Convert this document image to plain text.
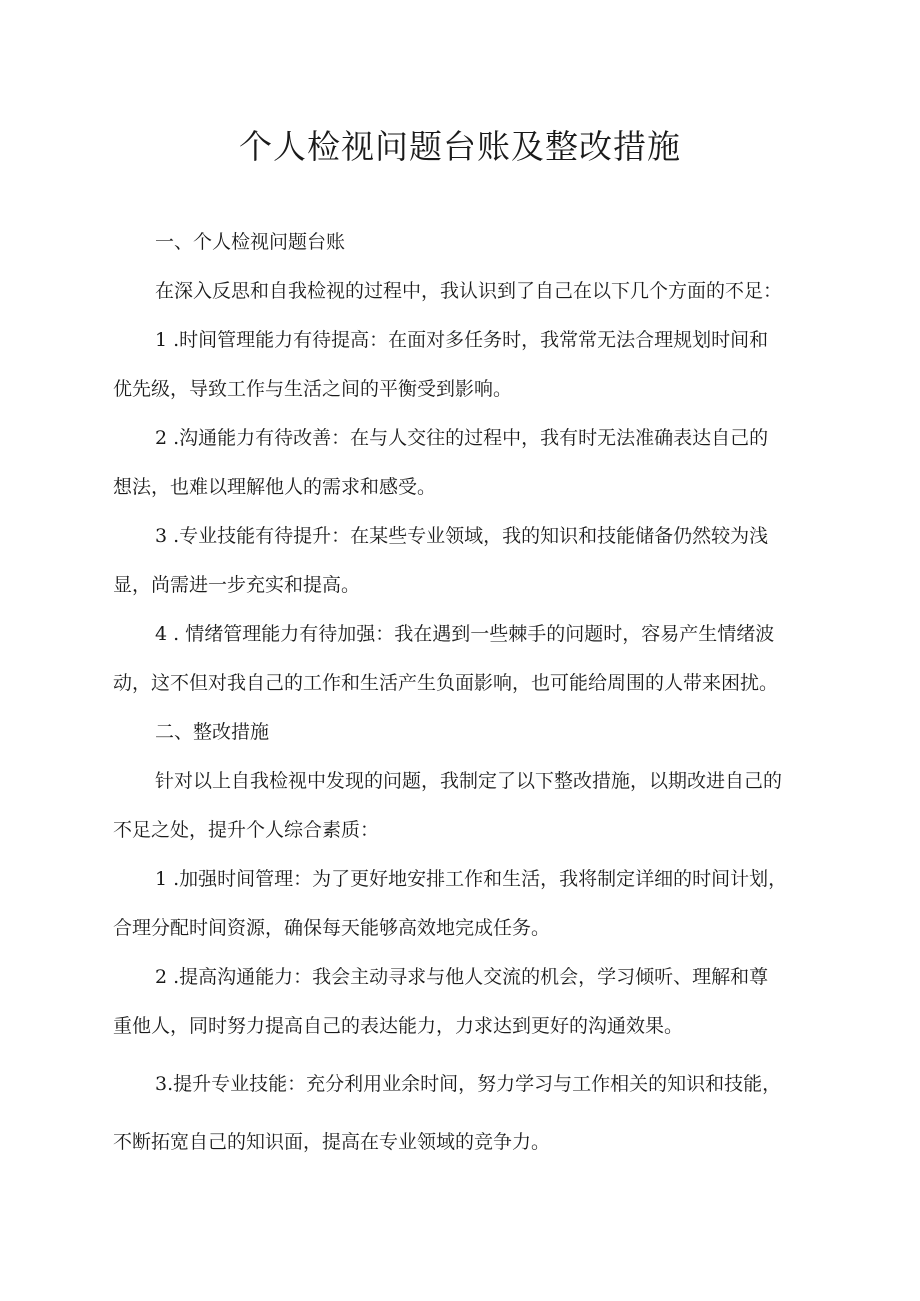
个人检视问题台账及整改措施
一、个人检视问题台账
在深入反思和自我检视的过程中，我认识到了自己在以下几个方面的不足：
1 .时间管理能力有待提高：在面对多任务时，我常常无法合理规划时间和
优先级，导致工作与生活之间的平衡受到影响。
2 .沟通能力有待改善：在与人交往的过程中，我有时无法准确表达自己的
想法，也难以理解他人的需求和感受。
3 .专业技能有待提升：在某些专业领域，我的知识和技能储备仍然较为浅
显，尚需进一步充实和提高。
4 . 情绪管理能力有待加强：我在遇到一些棘手的问题时，容易产生情绪波
动，这不但对我自己的工作和生活产生负面影响，也可能给周围的人带来困扰。
二、整改措施
针对以上自我检视中发现的问题，我制定了以下整改措施，以期改进自己的
不足之处，提升个人综合素质：
1 .加强时间管理：为了更好地安排工作和生活，我将制定详细的时间计划，
合理分配时间资源，确保每天能够高效地完成任务。
2 .提高沟通能力：我会主动寻求与他人交流的机会，学习倾听、理解和尊
重他人，同时努力提高自己的表达能力，力求达到更好的沟通效果。
3.提升专业技能：充分利用业余时间，努力学习与工作相关的知识和技能，
不断拓宽自己的知识面，提高在专业领域的竞争力。
